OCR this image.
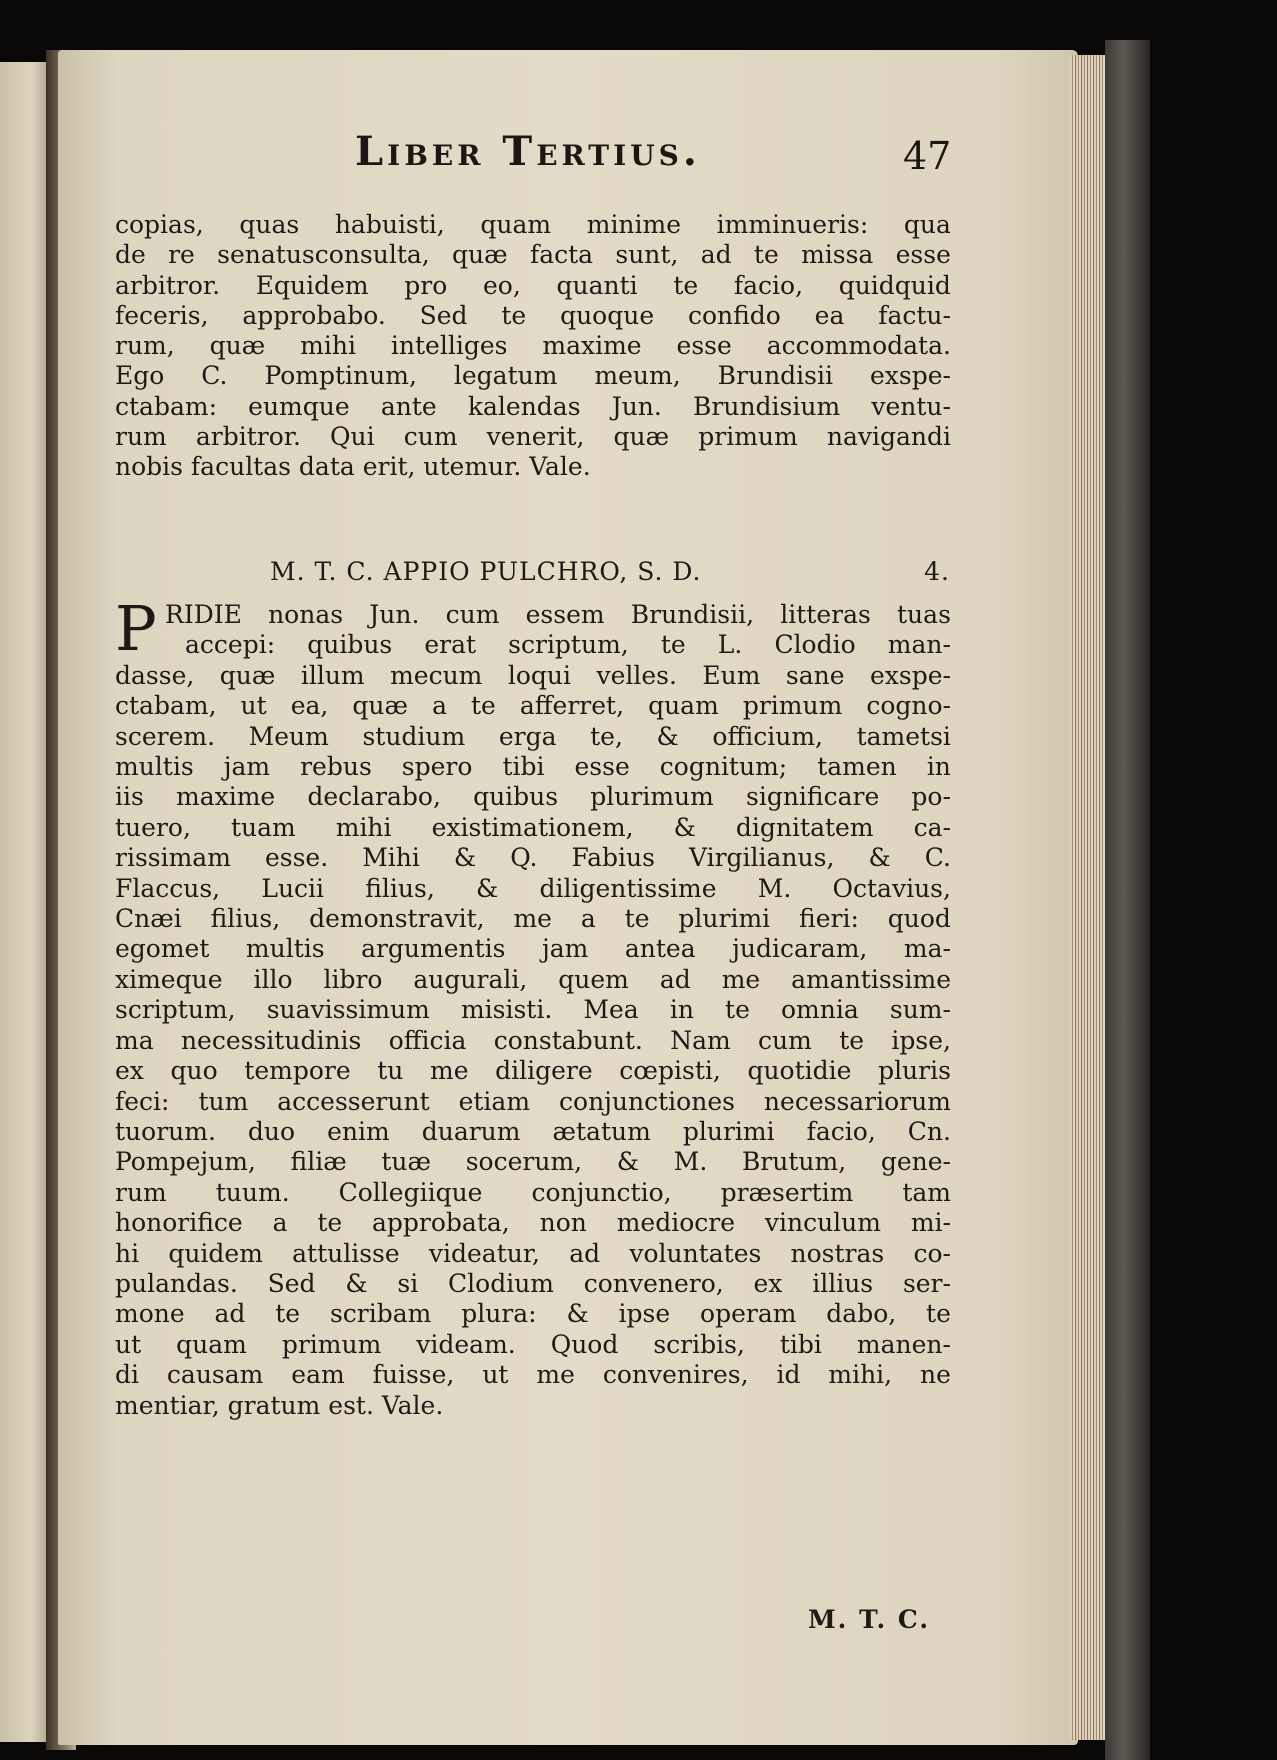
Liber Tertius.	47
copias, quas habuisti, quam minime imminueris: qua
de re senatusconsulta, quæ facta sunt, ad te missa esse
arbitror. Equidem pro eo, quanti te facio, quidquid
feceris, approbabo. Sed te quoque confido ea factu-
rum, quæ mihi intelliges maxime esse accommodata.
Ego C. Pomptinum, legatum meum, Brundisii exspe-
ctabam: eumque ante kalendas Jun. Brundisium ventu-
rum arbitror. Qui cum venerit, quæ primum navigandi
nobis facultas data erit, utemur. Vale.
M. T. C. APPIO PULCHRO, S. D.	4.
P RIDIE nonas Jun. cum essem Brundisii, litteras tuas
accepi: quibus erat scriptum, te L. Clodio man-
dasse, quæ illum mecum loqui velles. Eum sane exspe-
ctabam, ut ea, quæ a te afferret, quam primum cogno-
scerem. Meum studium erga te, & officium, tametsi
multis jam rebus spero tibi esse cognitum; tamen in
iis maxime declarabo, quibus plurimum significare po-
tuero, tuam mihi existimationem, & dignitatem ca-
rissimam esse. Mihi & Q. Fabius Virgilianus, & C.
Flaccus, Lucii filius, & diligentissime M. Octavius,
Cnæi filius, demonstravit, me a te plurimi fieri: quod
egomet multis argumentis jam antea judicaram, ma-
ximeque illo libro augurali, quem ad me amantissime
scriptum, suavissimum misisti. Mea in te omnia sum-
ma necessitudinis officia constabunt. Nam cum te ipse,
ex quo tempore tu me diligere cœpisti, quotidie pluris
feci: tum accesserunt etiam conjunctiones necessariorum
tuorum. duo enim duarum ætatum plurimi facio, Cn.
Pompejum, filiæ tuæ socerum, & M. Brutum, gene-
rum tuum. Collegiique conjunctio, præsertim tam
honorifice a te approbata, non mediocre vinculum mi-
hi quidem attulisse videatur, ad voluntates nostras co-
pulandas. Sed & si Clodium convenero, ex illius ser-
mone ad te scribam plura: & ipse operam dabo, te
ut quam primum videam. Quod scribis, tibi manen-
di causam eam fuisse, ut me convenires, id mihi, ne
mentiar, gratum est. Vale.
M. T. C.
